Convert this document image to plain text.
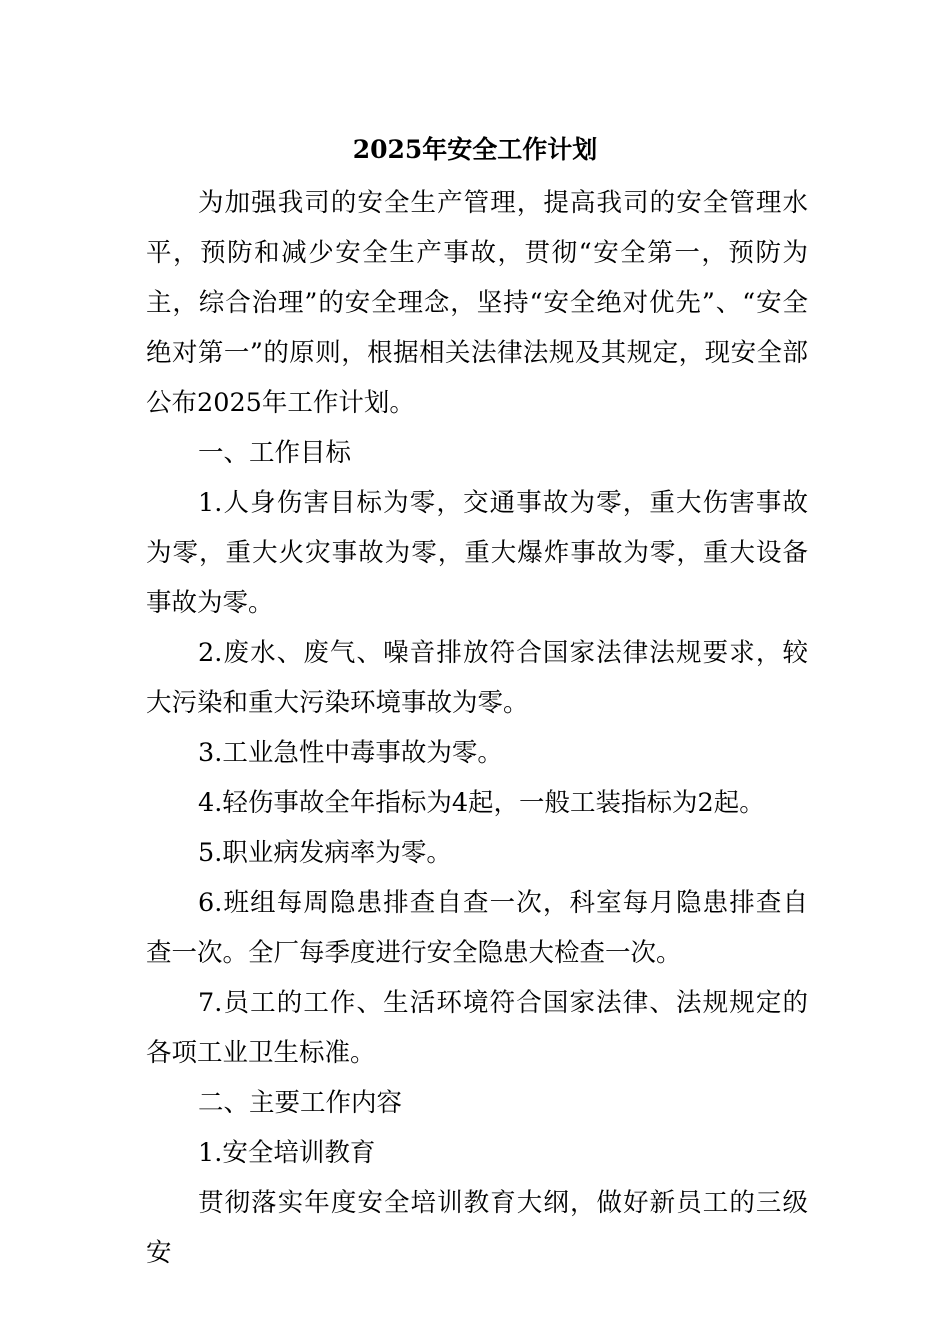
2025年安全工作计划

为加强我司的安全生产管理，提高我司的安全管理水平，预防和减少安全生产事故，贯彻“安全第一，预防为主，综合治理”的安全理念，坚持“安全绝对优先”、“安全绝对第一”的原则，根据相关法律法规及其规定，现安全部公布2025年工作计划。

一、工作目标

1.人身伤害目标为零，交通事故为零，重大伤害事故为零，重大火灾事故为零，重大爆炸事故为零，重大设备事故为零。

2.废水、废气、噪音排放符合国家法律法规要求，较大污染和重大污染环境事故为零。

3.工业急性中毒事故为零。

4.轻伤事故全年指标为4起，一般工装指标为2起。

5.职业病发病率为零。

6.班组每周隐患排查自查一次，科室每月隐患排查自查一次。全厂每季度进行安全隐患大检查一次。

7.员工的工作、生活环境符合国家法律、法规规定的各项工业卫生标准。

二、主要工作内容

1.安全培训教育

贯彻落实年度安全培训教育大纲，做好新员工的三级安
